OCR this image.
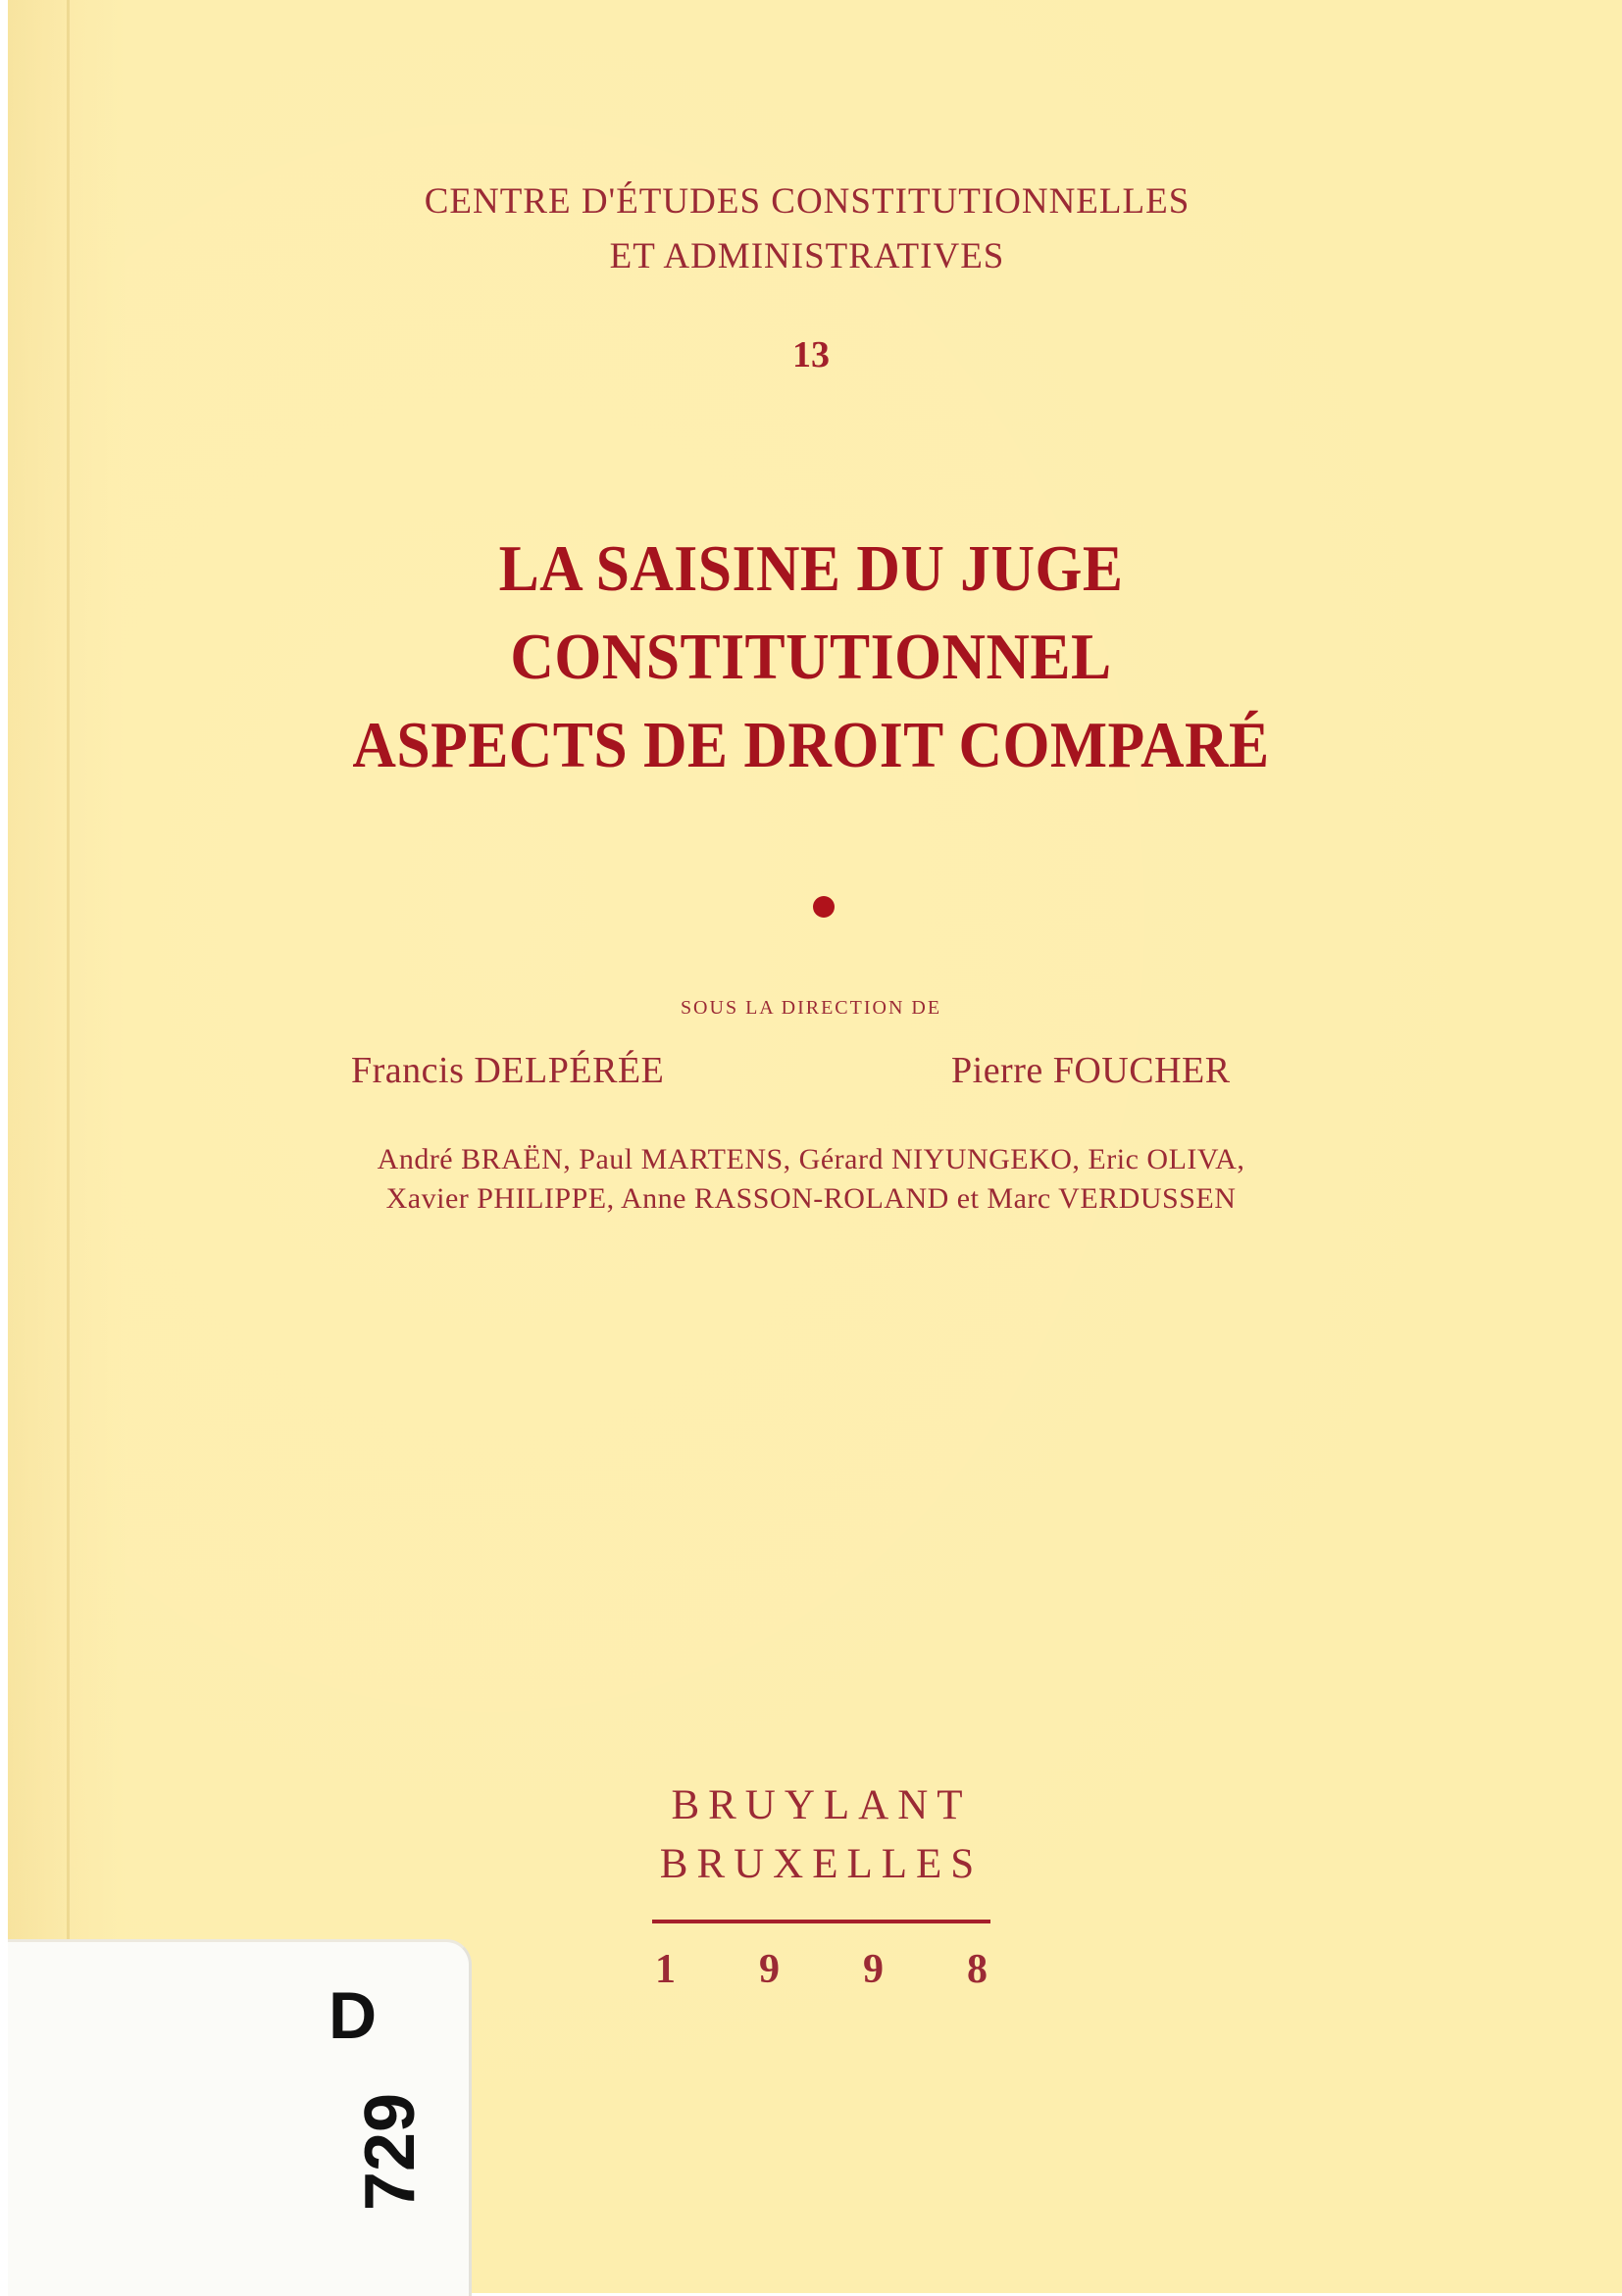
CENTRE D'ÉTUDES CONSTITUTIONNELLES
ET ADMINISTRATIVES
13
LA SAISINE DU JUGE
CONSTITUTIONNEL
ASPECTS DE DROIT COMPARÉ
SOUS LA DIRECTION DE
Francis DELPÉRÉE	Pierre FOUCHER
André BRAËN, Paul MARTENS, Gérard NIYUNGEKO, Eric OLIVA,
Xavier PHILIPPE, Anne RASSON-ROLAND et Marc VERDUSSEN
BRUYLANT
BRUXELLES
1 9 9 8
D
729
